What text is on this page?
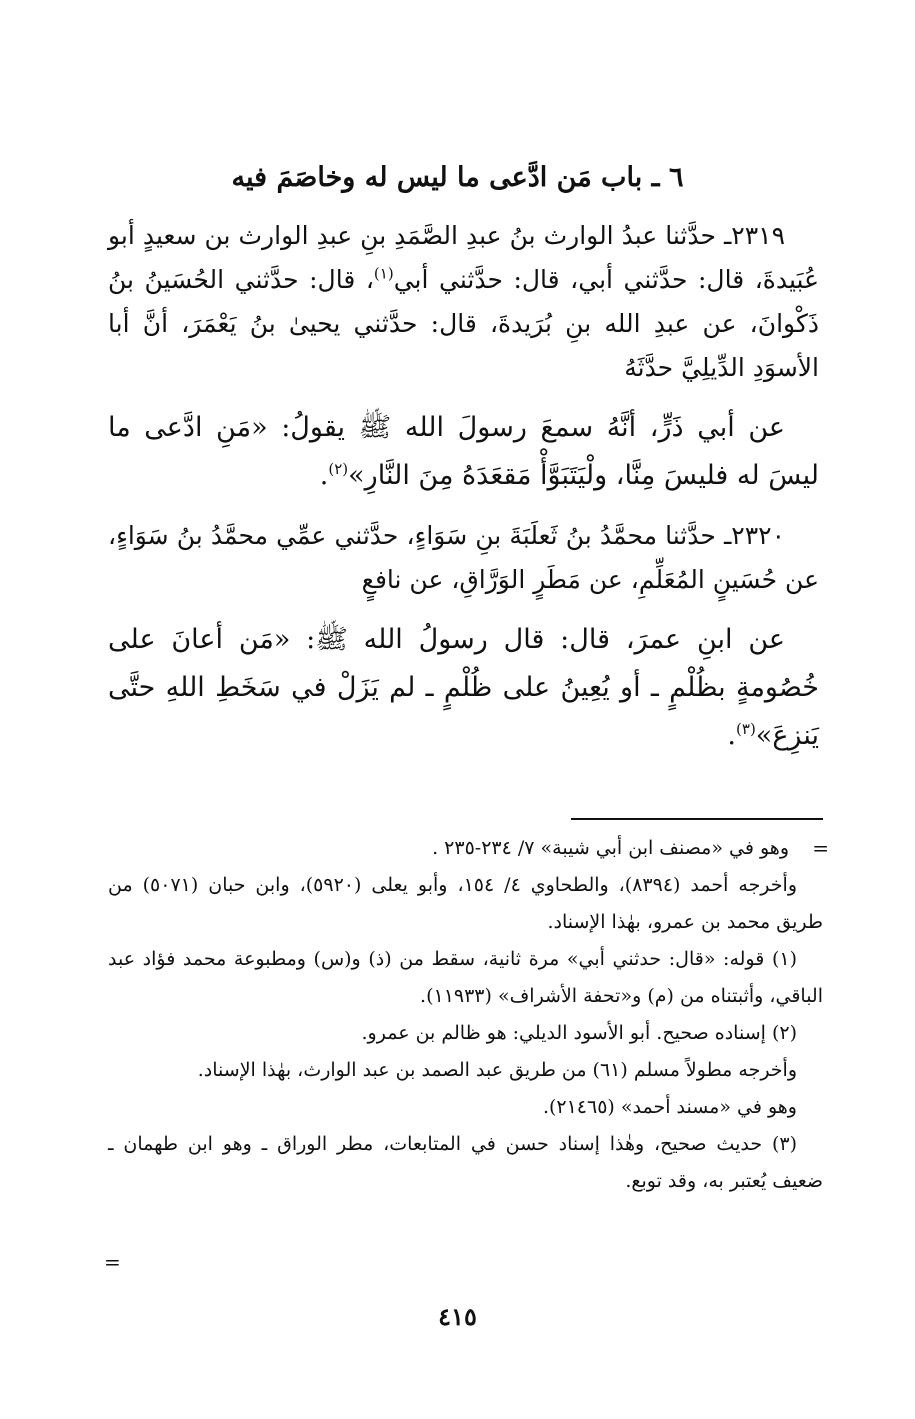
٦ ـ باب مَن ادَّعى ما ليس له وخاصَمَ فيه

٢٣١٩ـ حدَّثنا عبدُ الوارث بنُ عبدِ الصَّمَدِ بنِ عبدِ الوارث بن سعيدٍ أبو عُبَيدةَ، قال: حدَّثني أبي، قال: حدَّثني أبي$^{(١)}$، قال: حدَّثني الحُسَينُ بنُ ذَكْوانَ، عن عبدِ الله بنِ بُرَيدةَ، قال: حدَّثني يحيىٰ بنُ يَعْمَرَ، أنَّ أبا الأسوَدِ الدِّيلِيَّ حدَّثَهُ

عن أبي ذَرٍّ، أنَّهُ سمعَ رسولَ الله ﷺ يقولُ: «مَنِ ادَّعى ما ليسَ له فليسَ مِنَّا، ولْيَتَبَوَّأْ مَقعَدَهُ مِنَ النَّارِ»$^{(٢)}$.

٢٣٢٠ـ حدَّثنا محمَّدُ بنُ ثَعلَبَةَ بنِ سَوَاءٍ، حدَّثني عمِّي محمَّدُ بنُ سَوَاءٍ، عن حُسَينٍ المُعَلِّمِ، عن مَطَرٍ الوَرَّاقِ، عن نافعٍ

عن ابنِ عمرَ، قال: قال رسولُ الله ﷺ: «مَن أعانَ على خُصُومةٍ بظُلْمٍ ـ أو يُعِينُ على ظُلْمٍ ـ لم يَزَلْ في سَخَطِ اللهِ حتَّى يَنزِعَ»$^{(٣)}$.

=

وهو في «مصنف ابن أبي شيبة» ٧/ ٢٣٤-٢٣٥ .

وأخرجه أحمد (٨٣٩٤)، والطحاوي ٤/ ١٥٤، وأبو يعلى (٥٩٢٠)، وابن حبان (٥٠٧١) من طريق محمد بن عمرو، بهٰذا الإسناد.

(١) قوله: «قال: حدثني أبي» مرة ثانية، سقط من (ذ) و(س) ومطبوعة محمد فؤاد عبد الباقي، وأثبتناه من (م) و«تحفة الأشراف» (١١٩٣٣).

(٢) إسناده صحيح. أبو الأسود الديلي: هو ظالم بن عمرو.

وأخرجه مطولاً مسلم (٦١) من طريق عبد الصمد بن عبد الوارث، بهٰذا الإسناد.

وهو في «مسند أحمد» (٢١٤٦٥).

(٣) حديث صحيح، وهٰذا إسناد حسن في المتابعات، مطر الوراق ـ وهو ابن طهمان ـ ضعيف يُعتبر به، وقد توبع.

=
٤١٥
